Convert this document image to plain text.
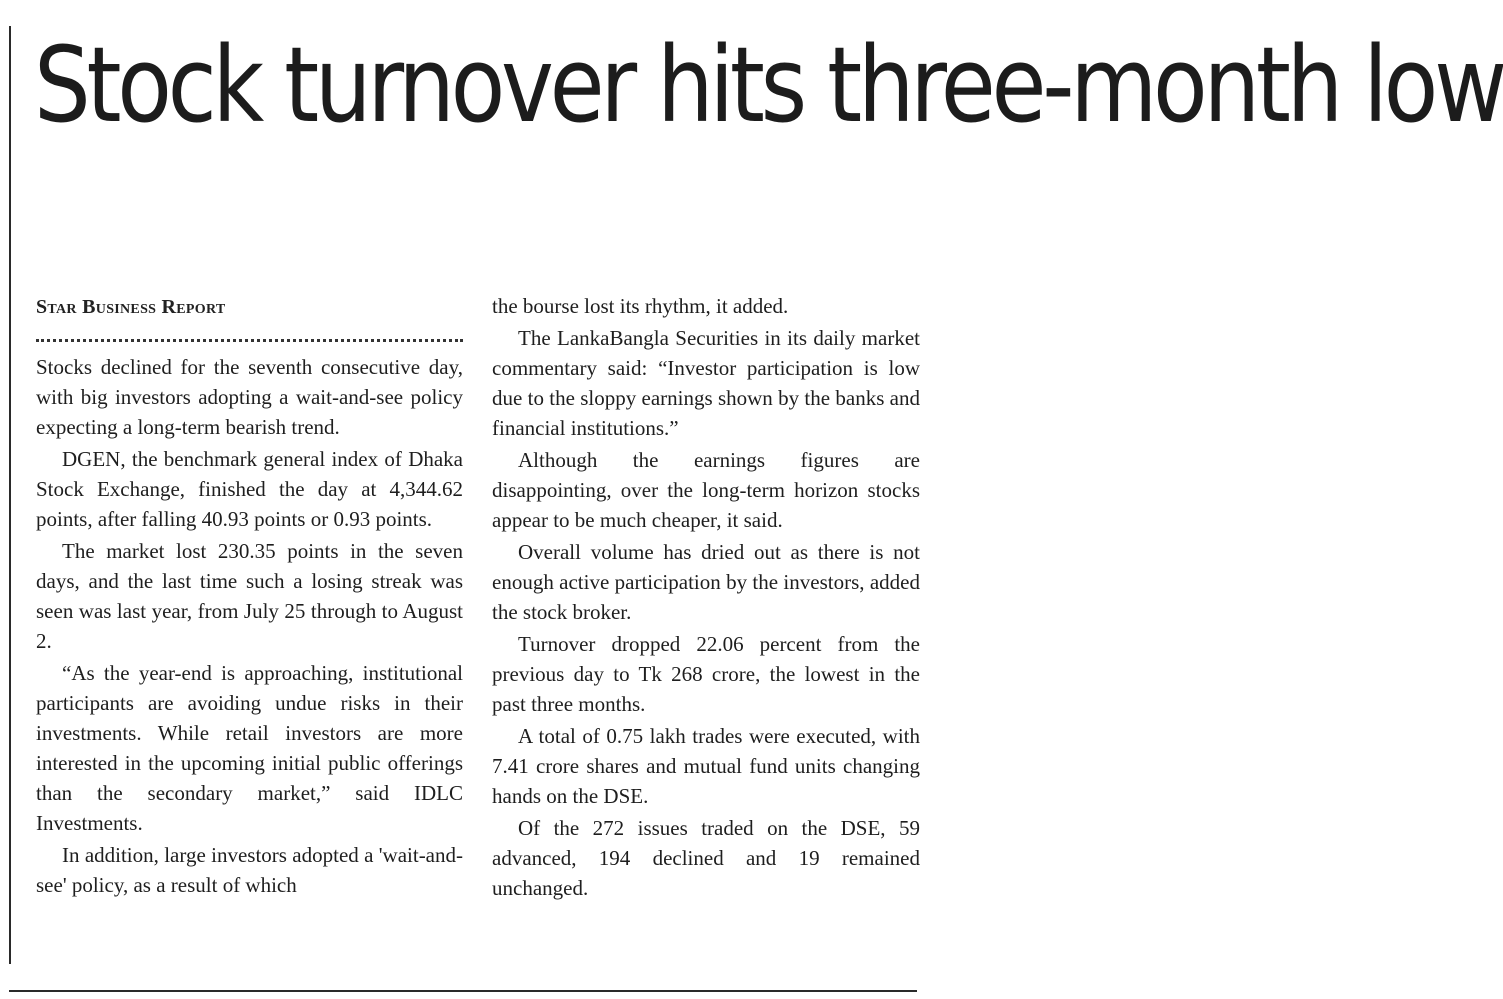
Stock turnover hits three-month low
Star Business Report

Stocks declined for the seventh consecutive day, with big investors adopting a wait-and-see policy expecting a long-term bearish trend.

DGEN, the benchmark general index of Dhaka Stock Exchange, finished the day at 4,344.62 points, after falling 40.93 points or 0.93 points.

The market lost 230.35 points in the seven days, and the last time such a losing streak was seen was last year, from July 25 through to August 2.

“As the year-end is approaching, institutional participants are avoiding undue risks in their investments. While retail investors are more interested in the upcoming initial public offerings than the secondary market,” said IDLC Investments.

In addition, large investors adopted a 'wait-and-see' policy, as a result of which

the bourse lost its rhythm, it added.

The LankaBangla Securities in its daily market commentary said: “Investor participation is low due to the sloppy earnings shown by the banks and financial institutions.”

Although the earnings figures are disappointing, over the long-term horizon stocks appear to be much cheaper, it said.

Overall volume has dried out as there is not enough active participation by the investors, added the stock broker.

Turnover dropped 22.06 percent from the previous day to Tk 268 crore, the lowest in the past three months.

A total of 0.75 lakh trades were executed, with 7.41 crore shares and mutual fund units changing hands on the DSE.

Of the 272 issues traded on the DSE, 59 advanced, 194 declined and 19 remained unchanged.
